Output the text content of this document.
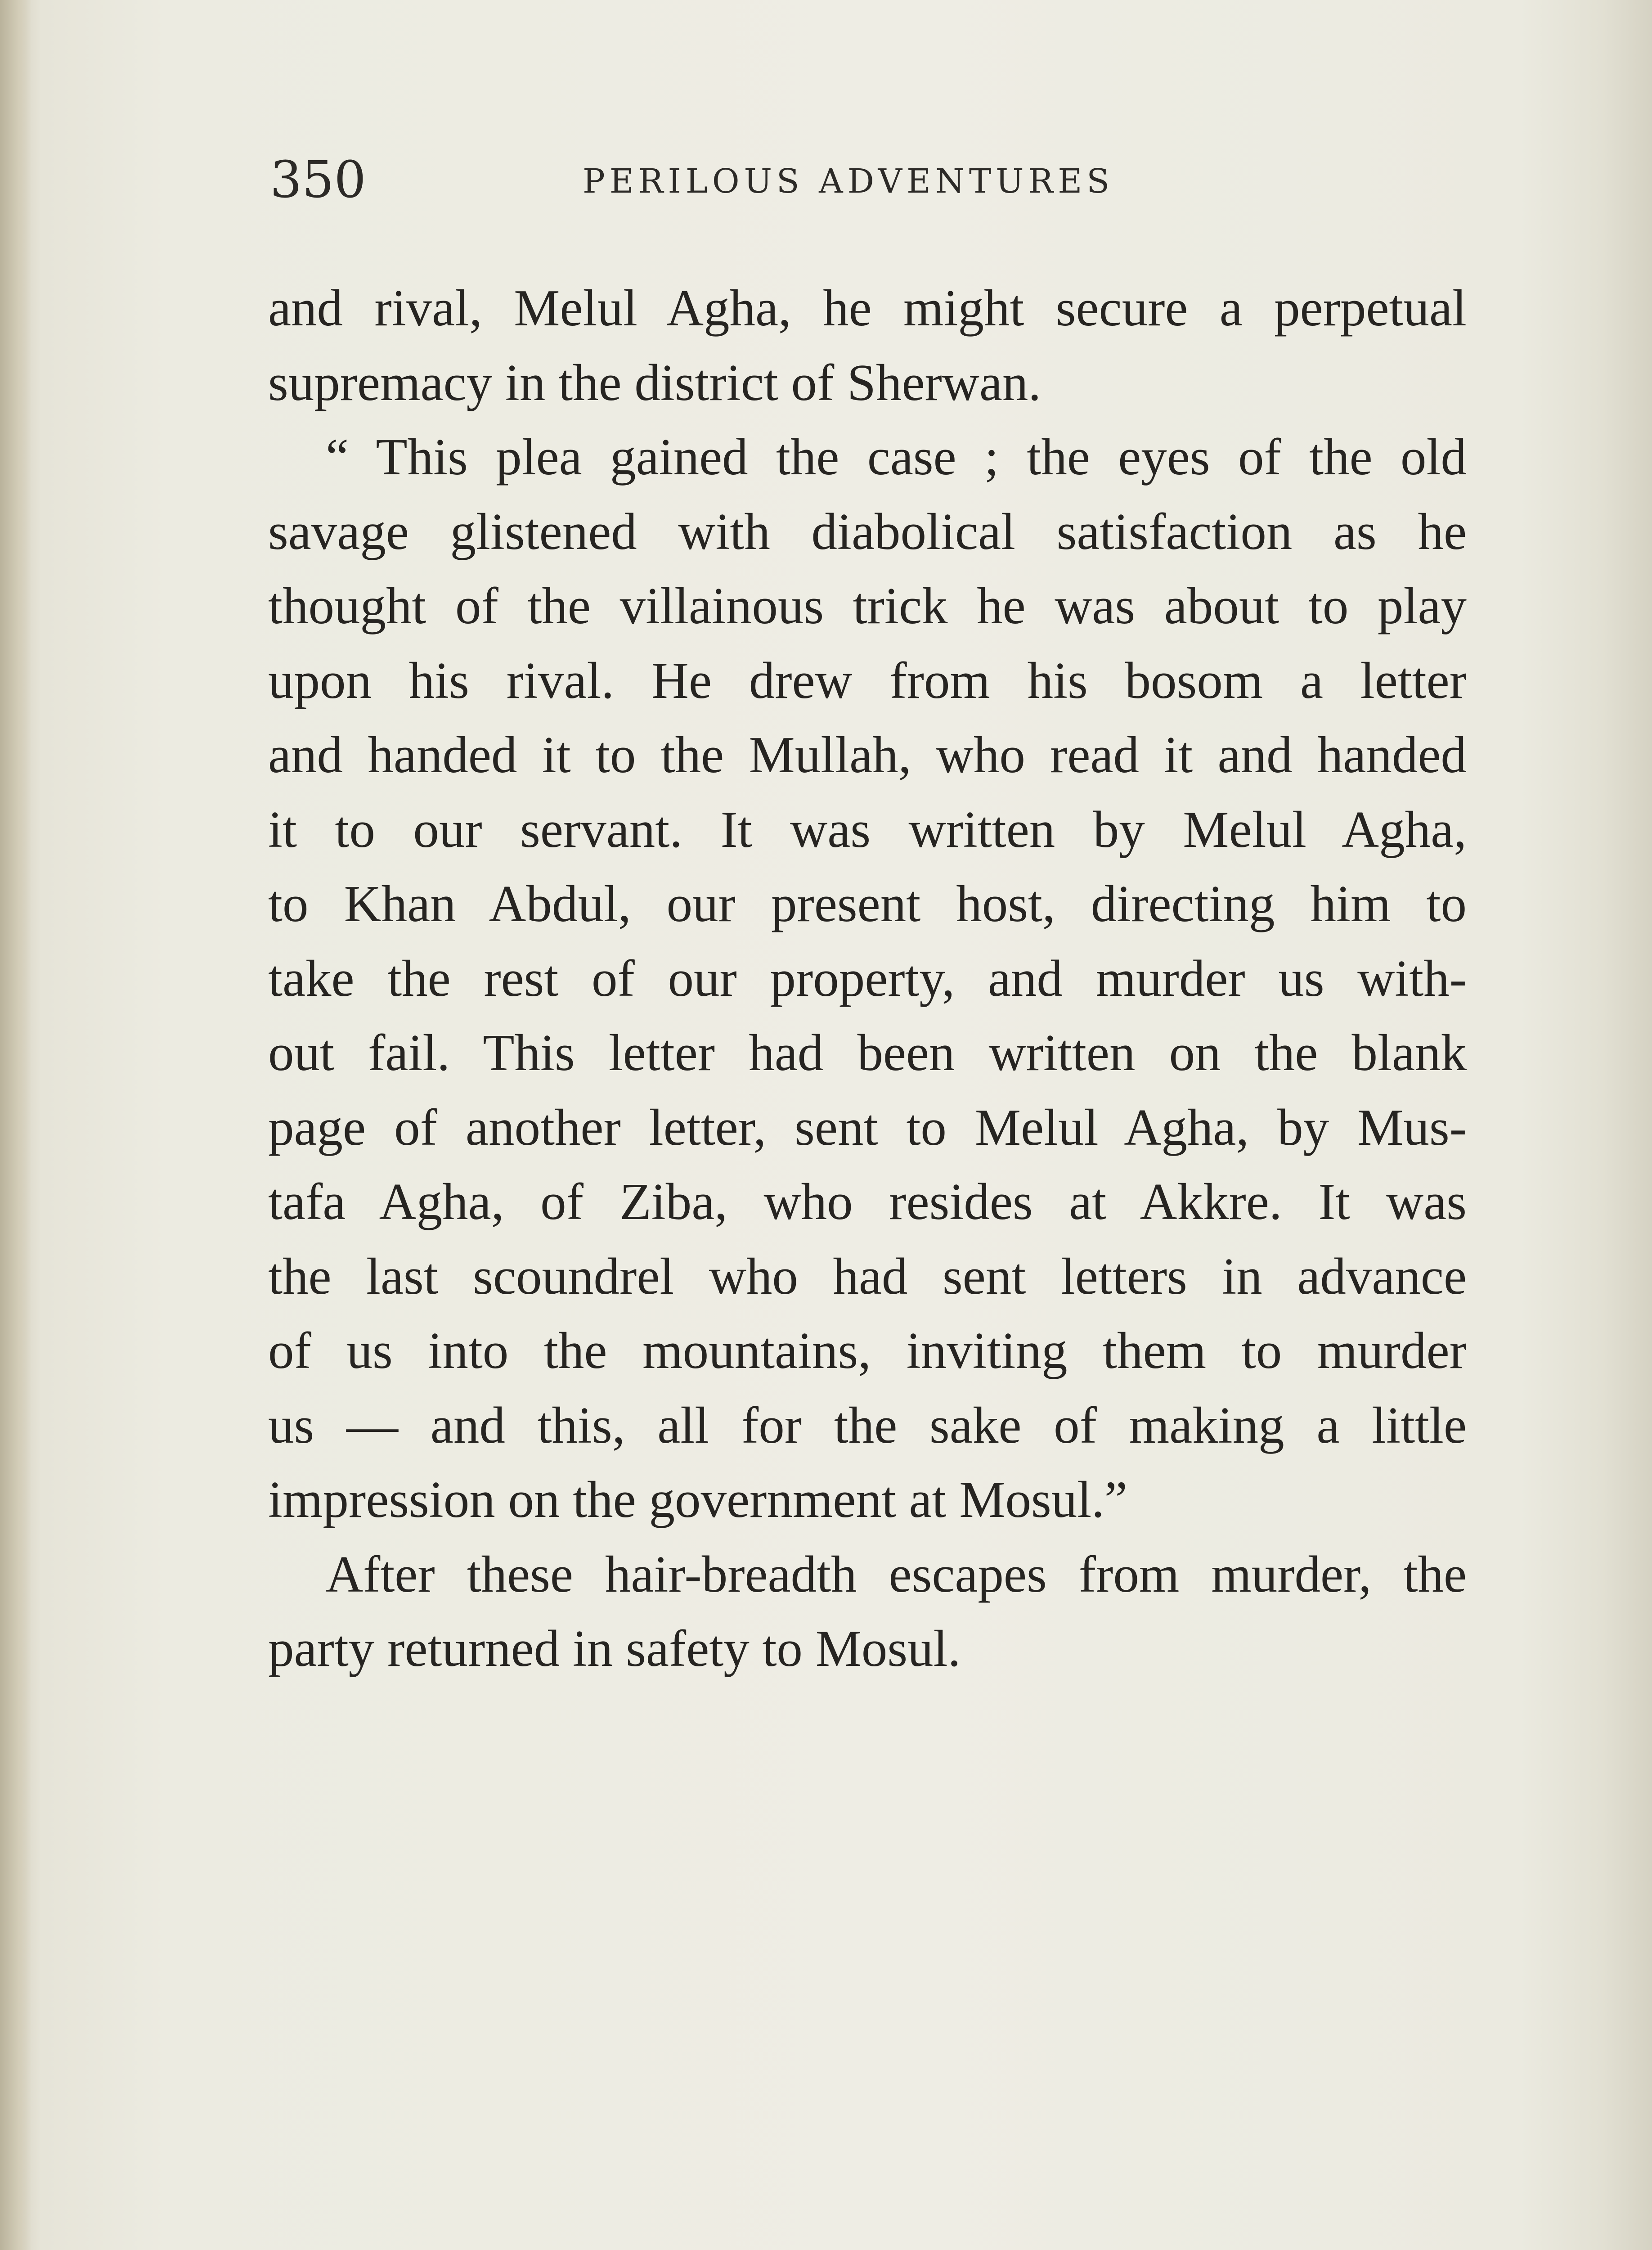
350	PERILOUS ADVENTURES

and rival, Melul Agha, he might secure a perpetual
supremacy in the district of Sherwan.

“ This plea gained the case ; the eyes of the old
savage glistened with diabolical satisfaction as he
thought of the villainous trick he was about to play
upon his rival. He drew from his bosom a letter
and handed it to the Mullah, who read it and handed
it to our servant. It was written by Melul Agha,
to Khan Abdul, our present host, directing him to
take the rest of our property, and murder us with-
out fail. This letter had been written on the blank
page of another letter, sent to Melul Agha, by Mus-
tafa Agha, of Ziba, who resides at Akkre. It was
the last scoundrel who had sent letters in advance
of us into the mountains, inviting them to murder
us — and this, all for the sake of making a little
impression on the government at Mosul.”

After these hair-breadth escapes from murder, the
party returned in safety to Mosul.
